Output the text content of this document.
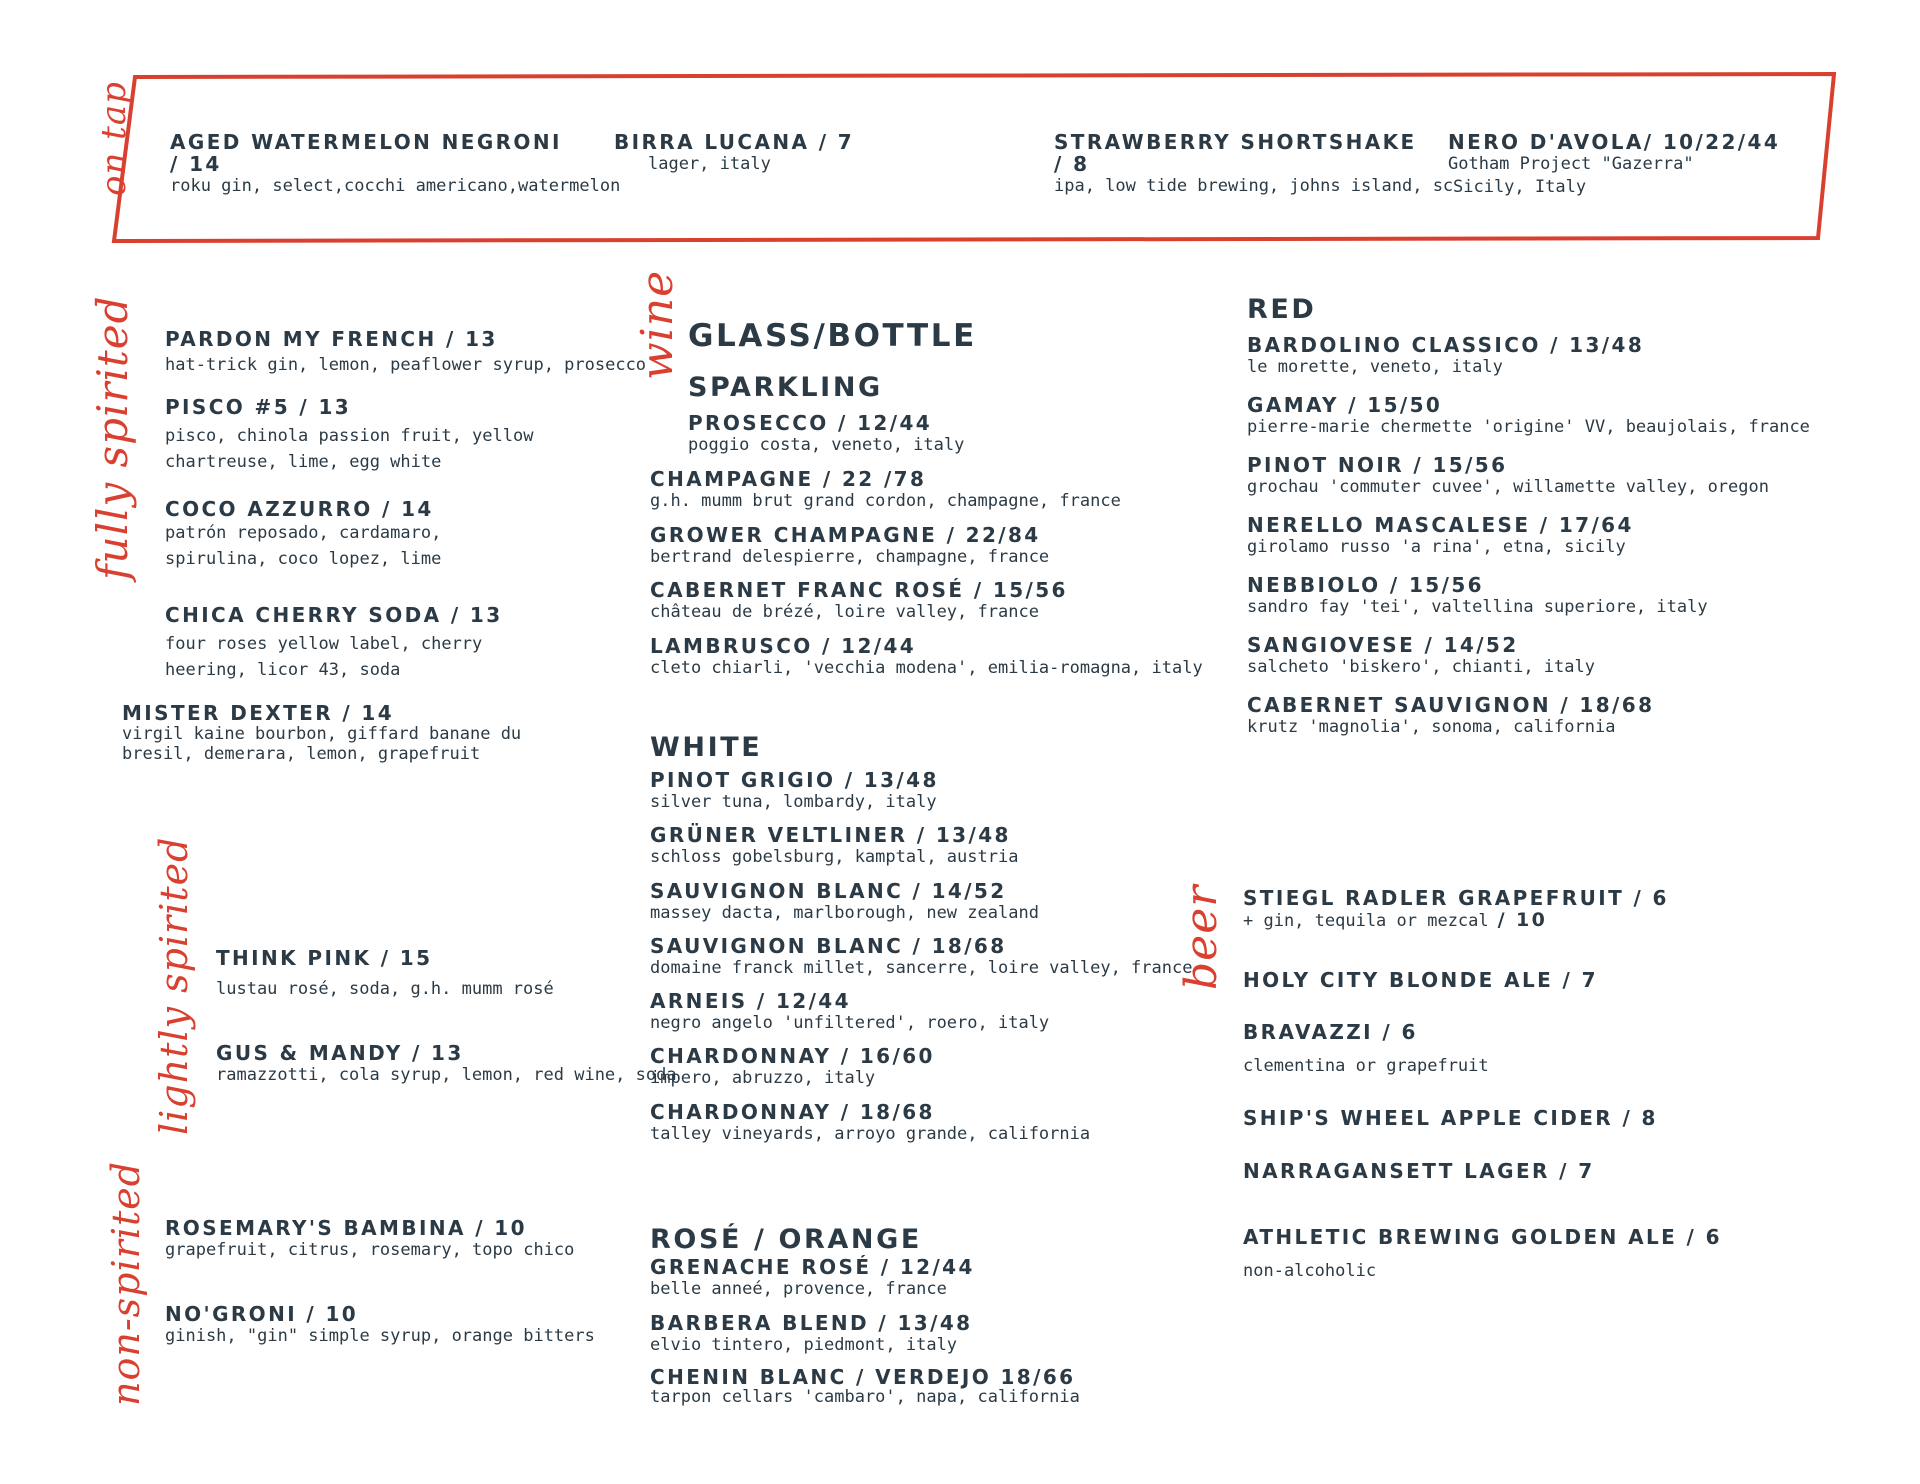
on tap AGED WATERMELON NEGRONI
/ 14
roku gin, select,cocchi americano,watermelon
BIRRA LUCANA / 7
lager, italy
STRAWBERRY SHORTSHAKE
/ 8
ipa, low tide brewing, johns island, sc
NERO D'AVOLA/ 10/22/44
Gotham Project "Gazerra"
Sicily, Italy
fully spirited PARDON MY FRENCH / 13
hat-trick gin, lemon, peaflower syrup, prosecco
PISCO #5 / 13
pisco, chinola passion fruit, yellow
chartreuse, lime, egg white
COCO AZZURRO / 14
patrón reposado, cardamaro,
spirulina, coco lopez, lime
CHICA CHERRY SODA / 13
four roses yellow label, cherry
heering, licor 43, soda
MISTER DEXTER / 14
virgil kaine bourbon, giffard banane du
bresil, demerara, lemon, grapefruit
lightly spirited THINK PINK / 15
lustau rosé, soda, g.h. mumm rosé
GUS & MANDY / 13
ramazzotti, cola syrup, lemon, red wine, soda
non-spirited ROSEMARY'S BAMBINA / 10
grapefruit, citrus, rosemary, topo chico
NO'GRONI / 10
ginish, "gin" simple syrup, orange bitters
wine GLASS/BOTTLE
SPARKLING
PROSECCO / 12/44
poggio costa, veneto, italy
CHAMPAGNE / 22 /78
g.h. mumm brut grand cordon, champagne, france
GROWER CHAMPAGNE / 22/84
bertrand delespierre, champagne, france
CABERNET FRANC ROSÉ / 15/56
château de brézé, loire valley, france
LAMBRUSCO / 12/44
cleto chiarli, 'vecchia modena', emilia-romagna, italy
WHITE
PINOT GRIGIO / 13/48
silver tuna, lombardy, italy
GRÜNER VELTLINER / 13/48
schloss gobelsburg, kamptal, austria
SAUVIGNON BLANC / 14/52
massey dacta, marlborough, new zealand
SAUVIGNON BLANC / 18/68
domaine franck millet, sancerre, loire valley, france
ARNEIS / 12/44
negro angelo 'unfiltered', roero, italy
CHARDONNAY / 16/60
impero, abruzzo, italy
CHARDONNAY / 18/68
talley vineyards, arroyo grande, california
ROSÉ / ORANGE
GRENACHE ROSÉ / 12/44
belle anneé, provence, france
BARBERA BLEND / 13/48
elvio tintero, piedmont, italy
CHENIN BLANC / VERDEJO 18/66
tarpon cellars 'cambaro', napa, california
RED
BARDOLINO CLASSICO / 13/48
le morette, veneto, italy
GAMAY / 15/50
pierre-marie chermette 'origine' VV, beaujolais, france
PINOT NOIR / 15/56
grochau 'commuter cuvee', willamette valley, oregon
NERELLO MASCALESE / 17/64
girolamo russo 'a rina', etna, sicily
NEBBIOLO / 15/56
sandro fay 'tei', valtellina superiore, italy
SANGIOVESE / 14/52
salcheto 'biskero', chianti, italy
CABERNET SAUVIGNON / 18/68
krutz 'magnolia', sonoma, california
beer STIEGL RADLER GRAPEFRUIT / 6
+ gin, tequila or mezcal / 10
HOLY CITY BLONDE ALE / 7
BRAVAZZI / 6
clementina or grapefruit
SHIP'S WHEEL APPLE CIDER / 8
NARRAGANSETT LAGER / 7
ATHLETIC BREWING GOLDEN ALE / 6
non-alcoholic
